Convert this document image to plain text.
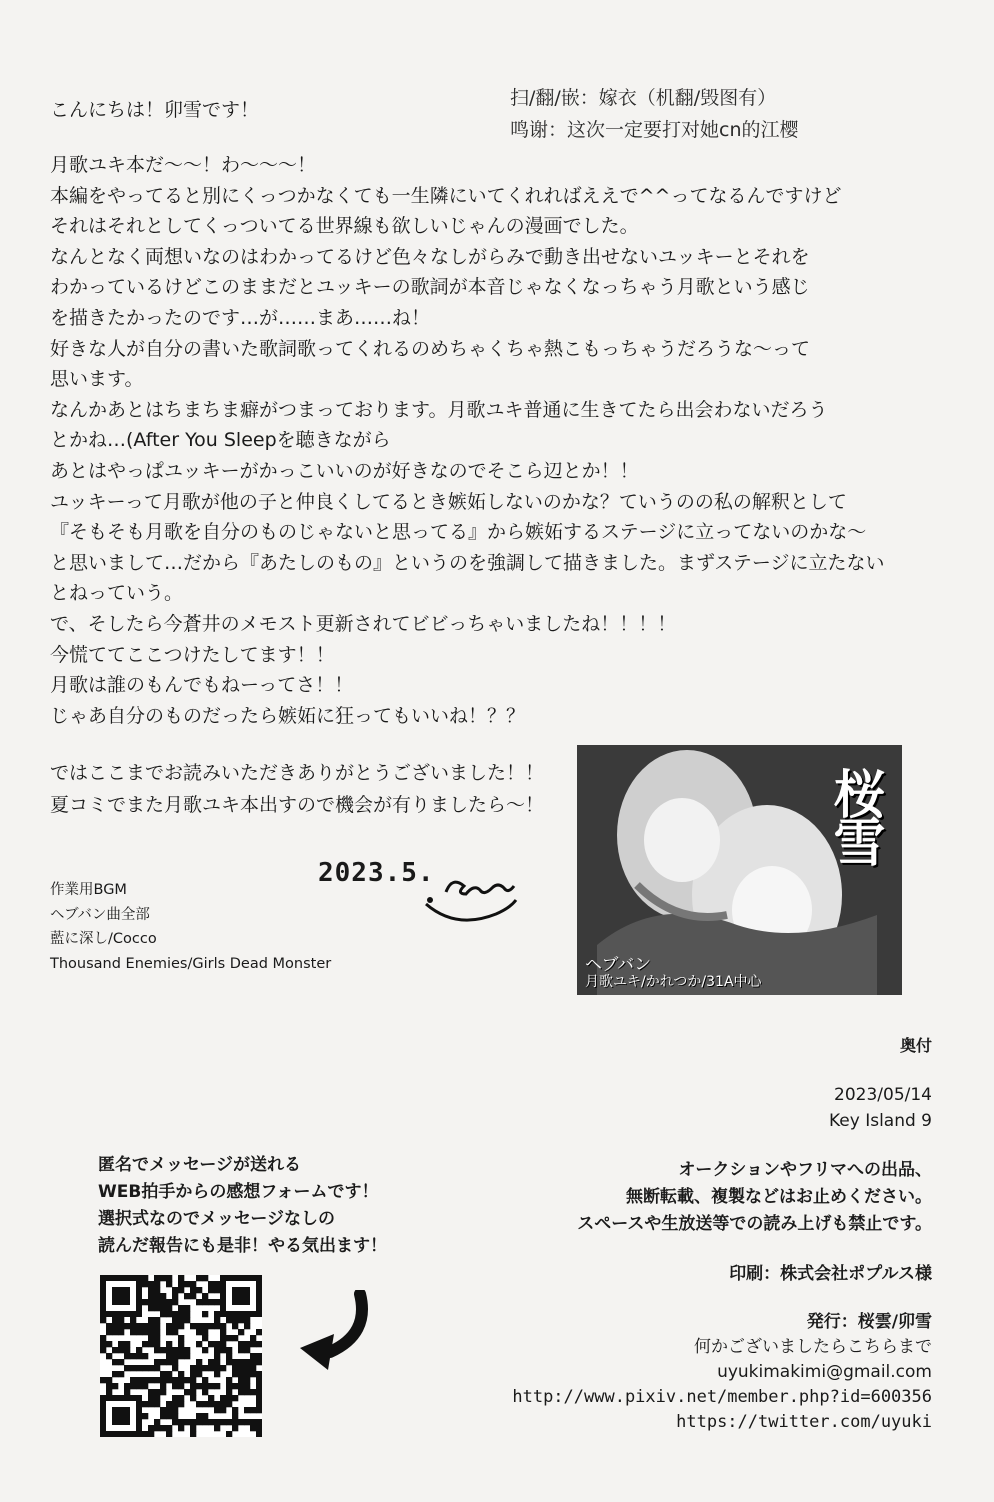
こんにちは！卯雪です！
扫/翻/嵌：嫁衣（机翻/毁图有）
鸣谢：这次一定要打对她cn的江樱
月歌ユキ本だ〜〜！わ〜〜〜！
本編をやってると別にくっつかなくても一生隣にいてくれればええで^^ってなるんですけど
それはそれとしてくっついてる世界線も欲しいじゃんの漫画でした。
なんとなく両想いなのはわかってるけど色々なしがらみで動き出せないユッキーとそれを
わかっているけどこのままだとユッキーの歌詞が本音じゃなくなっちゃう月歌という感じ
を描きたかったのです…が……まあ……ね！
好きな人が自分の書いた歌詞歌ってくれるのめちゃくちゃ熱こもっちゃうだろうな〜って
思います。
なんかあとはちまちま癖がつまっております。月歌ユキ普通に生きてたら出会わないだろう
とかね…(After You Sleepを聴きながら
あとはやっぱユッキーがかっこいいのが好きなのでそこら辺とか！！
ユッキーって月歌が他の子と仲良くしてるとき嫉妬しないのかな？ていうのの私の解釈として
『そもそも月歌を自分のものじゃないと思ってる』から嫉妬するステージに立ってないのかな〜
と思いまして…だから『あたしのもの』というのを強調して描きました。まずステージに立たない
とねっていう。
で、そしたら今蒼井のメモスト更新されてビビっちゃいましたね！！！！
今慌ててここつけたしてます！！
月歌は誰のもんでもねーってさ！！
じゃあ自分のものだったら嫉妬に狂ってもいいね！？？
ではここまでお読みいただきありがとうございました！！
夏コミでまた月歌ユキ本出すので機会が有りましたら〜！
作業用BGM
ヘブバン曲全部
藍に深し/Cocco
Thousand Enemies/Girls Dead Monster
2023.5.
桜雪
ヘブバン
月歌ユキ/かれつか/31A中心
奥付
2023/05/14
Key Island 9
オークションやフリマへの出品、
無断転載、複製などはお止めください。
スペースや生放送等での読み上げも禁止です。
印刷：株式会社ポプルス様
発行：桜雲/卯雪
何かございましたらこちらまで
uyukimakimi@gmail.com
http://www.pixiv.net/member.php?id=600356
https://twitter.com/uyuki
匿名でメッセージが送れる
WEB拍手からの感想フォームです！
選択式なのでメッセージなしの
読んだ報告にも是非！やる気出ます！
